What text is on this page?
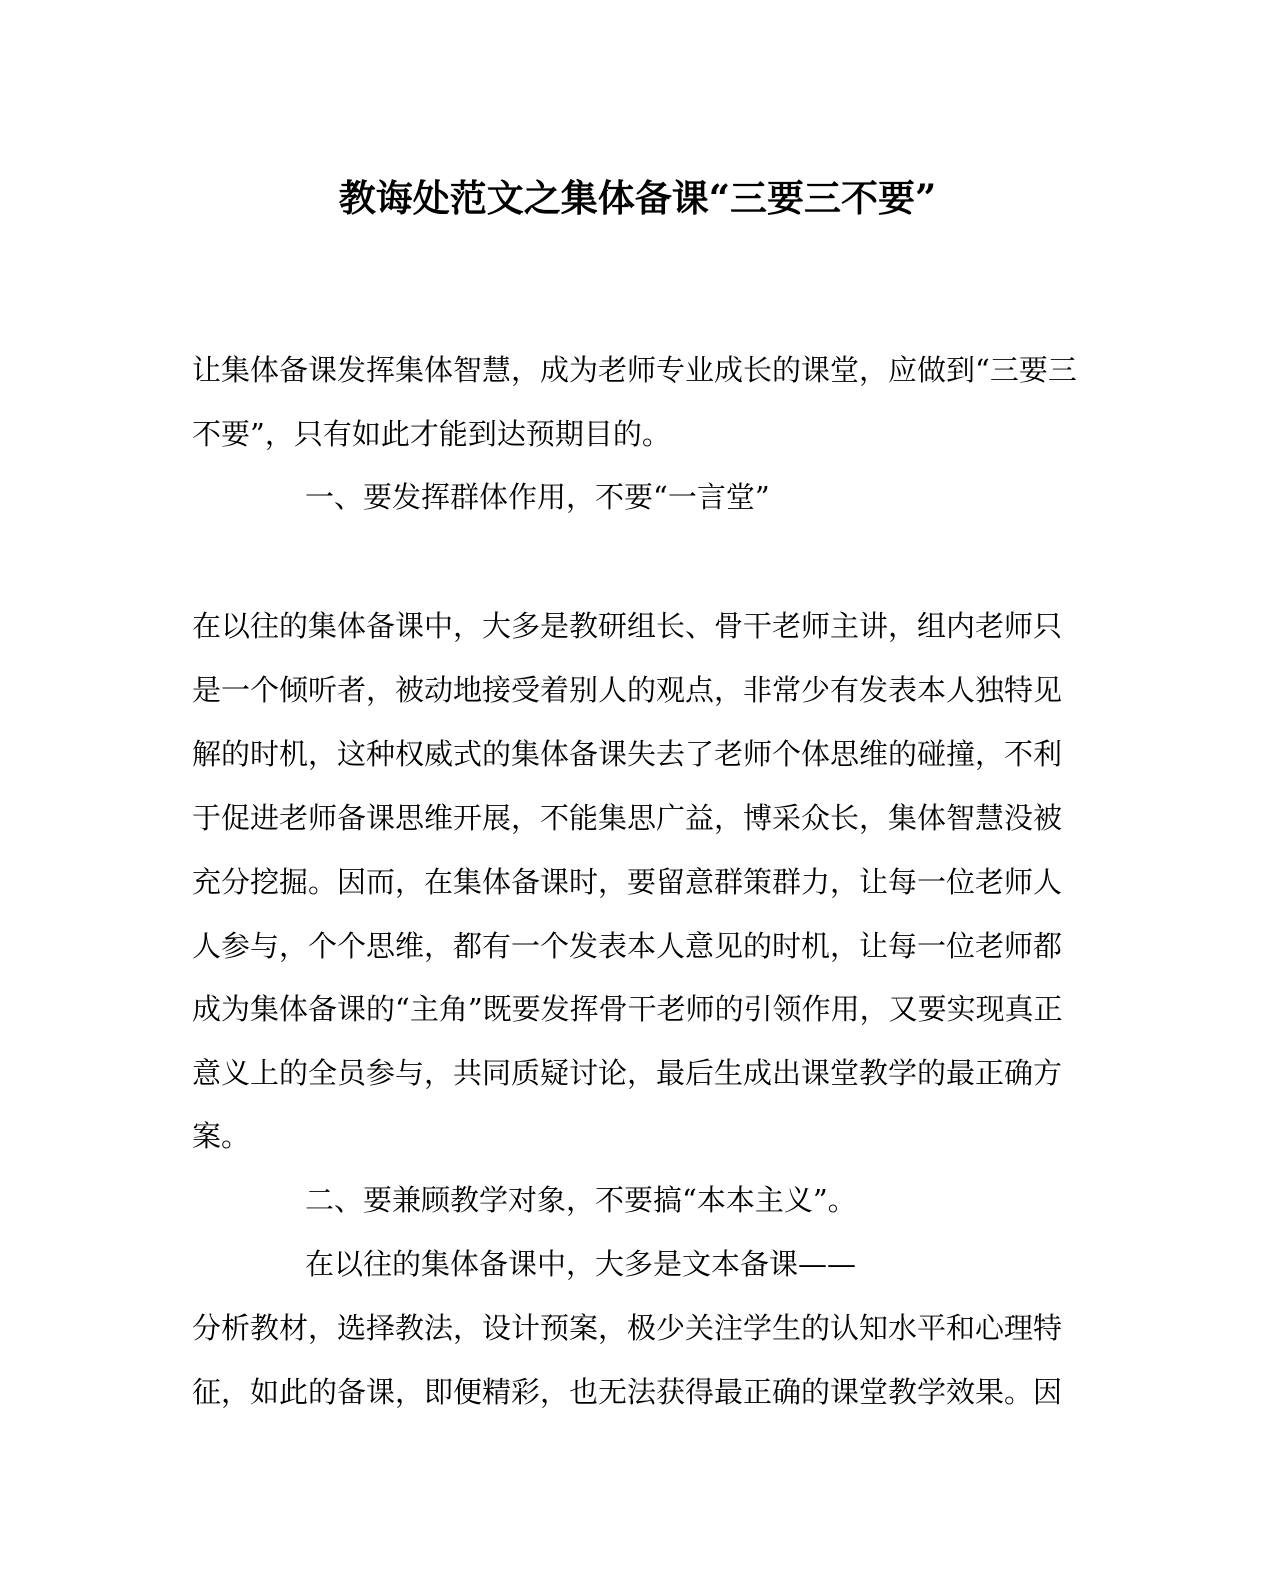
教诲处范文之集体备课“三要三不要”

让集体备课发挥集体智慧，成为老师专业成长的课堂，应做到“三要三

不要”，只有如此才能到达预期目的。

一、要发挥群体作用，不要“一言堂”

在以往的集体备课中，大多是教研组长、骨干老师主讲，组内老师只

是一个倾听者，被动地接受着别人的观点，非常少有发表本人独特见

解的时机，这种权威式的集体备课失去了老师个体思维的碰撞，不利

于促进老师备课思维开展，不能集思广益，博采众长，集体智慧没被

充分挖掘。因而，在集体备课时，要留意群策群力，让每一位老师人

人参与，个个思维，都有一个发表本人意见的时机，让每一位老师都

成为集体备课的“主角”既要发挥骨干老师的引领作用，又要实现真正

意义上的全员参与，共同质疑讨论，最后生成出课堂教学的最正确方

案。

二、要兼顾教学对象，不要搞“本本主义”。

在以往的集体备课中，大多是文本备课——

分析教材，选择教法，设计预案，极少关注学生的认知水平和心理特

征，如此的备课，即便精彩，也无法获得最正确的课堂教学效果。因
